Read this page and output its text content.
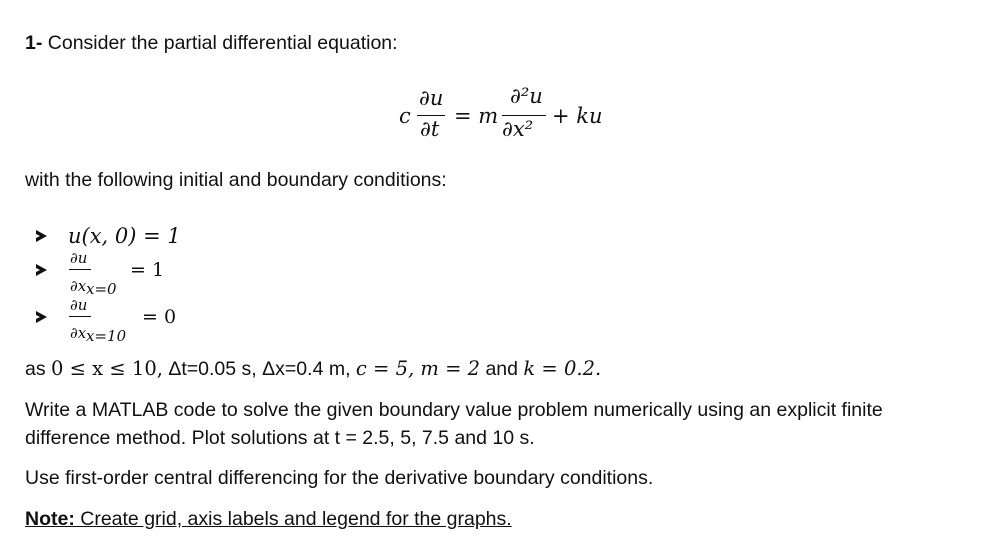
1- Consider the partial differential equation:
c
∂u
∂t
= m
∂²u
∂x²
+ ku
with the following initial and boundary conditions:
u(x, 0) = 1
∂u
∂x x=0
= 1
∂u
∂x x=10
= 0
as 0 ≤ x ≤ 10, Δt=0.05 s, Δx=0.4 m, c = 5, m = 2 and k = 0.2.
Write a MATLAB code to solve the given boundary value problem numerically using an explicit finite
difference method. Plot solutions at t = 2.5, 5, 7.5 and 10 s.
Use first-order central differencing for the derivative boundary conditions.
Note: Create grid, axis labels and legend for the graphs.
